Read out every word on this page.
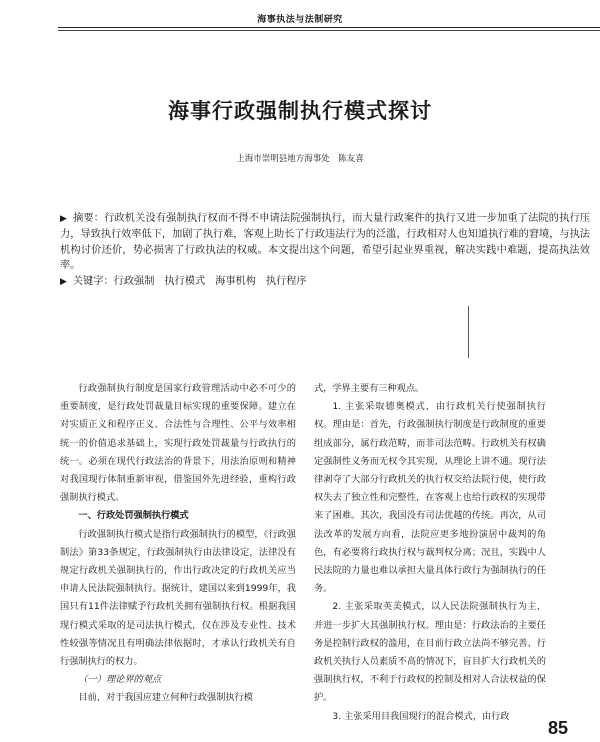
海事执法与法制研究
海事行政强制执行模式探讨
上海市崇明县地方海事处　陈友喜

▶ 摘要：行政机关没有强制执行权而不得不申请法院强制执行，而大量行政案件的执行又进一步加重了法院的执行压力，导致执行效率低下，加剧了执行难，客观上助长了行政违法行为的泛滥，行政相对人也知道执行难的窘境，与执法机构讨价还价，势必损害了行政执法的权威。本文提出这个问题，希望引起业界重视，解决实践中难题，提高执法效率。

▶ 关键字：行政强制 执行模式 海事机构 执行程序

行政强制执行制度是国家行政管理活动中必不可少的重要制度，是行政处罚裁量目标实现的重要保障。建立在对实质正义和程序正义、合法性与合理性、公平与效率相统一的价值追求基础上，实现行政处罚裁量与行政执行的统一。必须在现代行政法治的背景下，用法治原则和精神对我国现行体制重新审视，借鉴国外先进经验，重构行政强制执行模式。

一、行政处罚强制执行模式

行政强制执行模式是指行政强制执行的模型，《行政强制法》第33条规定，行政强制执行由法律设定，法律没有规定行政机关强制执行的，作出行政决定的行政机关应当申请人民法院强制执行。据统计，建国以来到1999年，我国只有11件法律赋予行政机关拥有强制执行权。根据我国现行模式采取的是司法执行模式，仅在涉及专业性、技术性较强等情况且有明确法律依据时，才承认行政机关有自行强制执行的权力。

（一）理论界的观点

目前，对于我国应建立何种行政强制执行模

式，学界主要有三种观点。

1. 主张采取德奥模式，由行政机关行使强制执行权。理由是：首先，行政强制执行制度是行政制度的重要组成部分，属行政范畴，而非司法范畴。行政机关有权确定强制性义务而无权令其实现，从理论上讲不通。现行法律剥夺了大部分行政机关的执行权交给法院行使，使行政权失去了独立性和完整性，在客观上也给行政权的实现带来了困难。其次，我国没有司法优越的传统。再次，从司法改革的发展方向看，法院应更多地扮演居中裁判的角色，有必要将行政执行权与裁判权分离；况且，实践中人民法院的力量也难以承担大量具体行政行为强制执行的任务。

2. 主张采取英美模式，以人民法院强制执行为主，并进一步扩大其强制执行权。理由是：行政法治的主要任务是控制行政权的滥用，在目前行政立法尚不够完善、行政机关执行人员素质不高的情况下，盲目扩大行政机关的强制执行权，不利于行政权的控制及相对人合法权益的保护。

3. 主张采用目我国现行的混合模式，由行政

85
